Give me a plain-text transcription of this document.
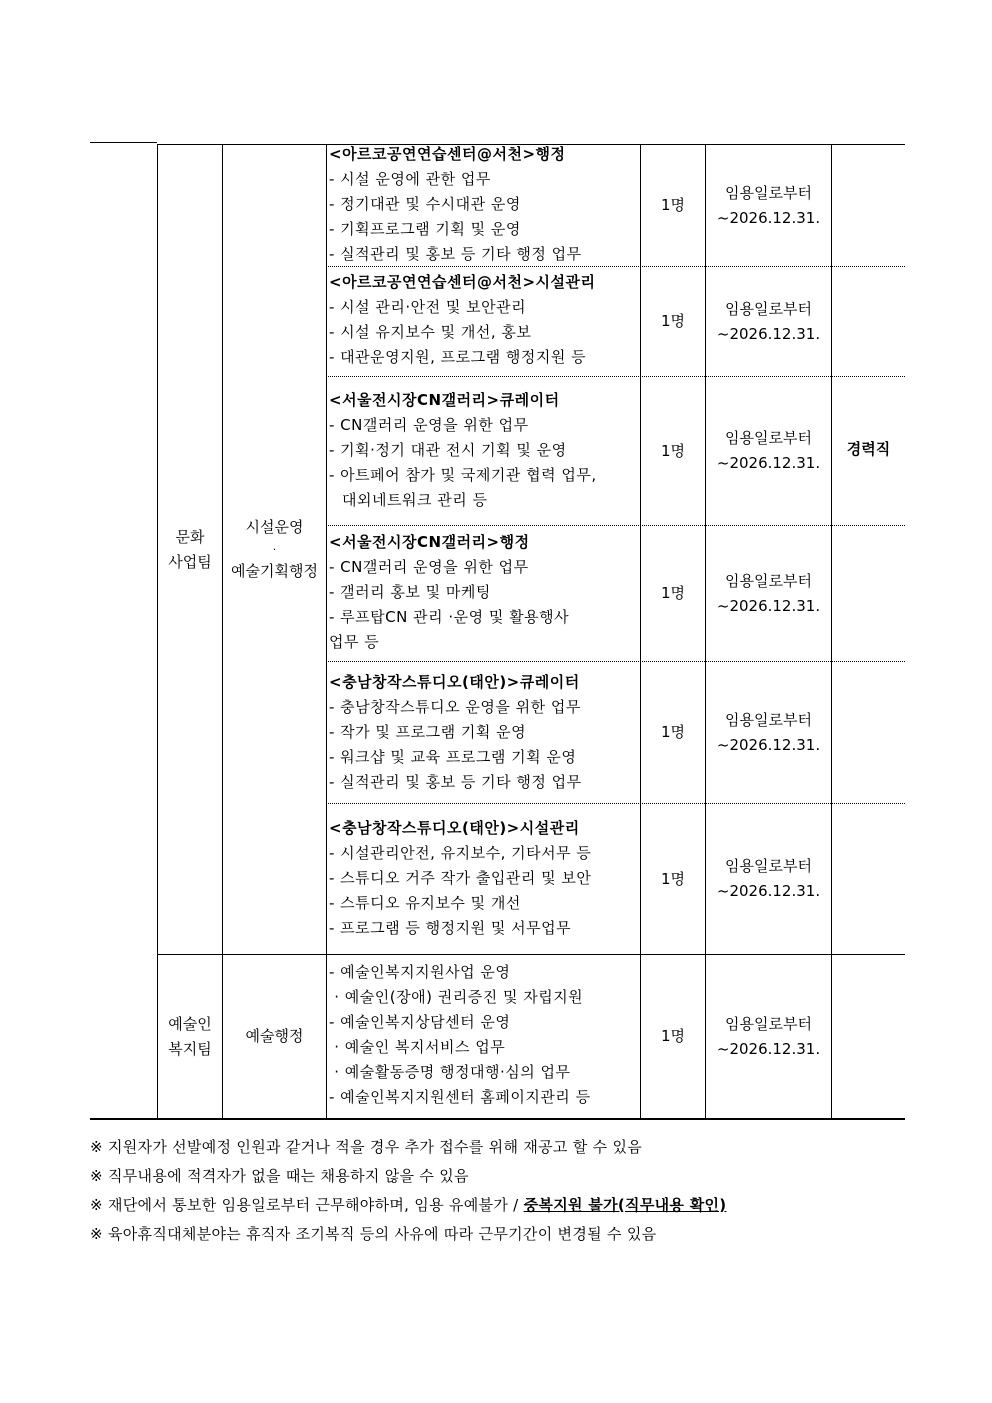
문화
사업팀
시설운영
·
예술기획행정
경력직
예술인
복지팀
예술행정
<아르코공연연습센터@서천>행정
- 시설 운영에 관한 업무
- 정기대관 및 수시대관 운영
- 기획프로그램 기획 및 운영
- 실적관리 및 홍보 등 기타 행정 업무
1명
임용일로부터
~2026.12.31.
<아르코공연연습센터@서천>시설관리
- 시설 관리·안전 및 보안관리
- 시설 유지보수 및 개선, 홍보
- 대관운영지원, 프로그램 행정지원 등
1명
임용일로부터
~2026.12.31.
<서울전시장CN갤러리>큐레이터
- CN갤러리 운영을 위한 업무
- 기획·정기 대관 전시 기획 및 운영
- 아트페어 참가 및 국제기관 협력 업무,
대외네트워크 관리 등
1명
임용일로부터
~2026.12.31.
<서울전시장CN갤러리>행정
- CN갤러리 운영을 위한 업무
- 갤러리 홍보 및 마케팅
- 루프탑CN 관리 ·운영 및 활용행사
업무 등
1명
임용일로부터
~2026.12.31.
<충남창작스튜디오(태안)>큐레이터
- 충남창작스튜디오 운영을 위한 업무
- 작가 및 프로그램 기획 운영
- 워크샵 및 교육 프로그램 기획 운영
- 실적관리 및 홍보 등 기타 행정 업무
1명
임용일로부터
~2026.12.31.
<충남창작스튜디오(태안)>시설관리
- 시설관리안전, 유지보수, 기타서무 등
- 스튜디오 거주 작가 출입관리 및 보안
- 스튜디오 유지보수 및 개선
- 프로그램 등 행정지원 및 서무업무
1명
임용일로부터
~2026.12.31.
- 예술인복지지원사업 운영
· 예술인(장애) 권리증진 및 자립지원
- 예술인복지상담센터 운영
· 예술인 복지서비스 업무
· 예술활동증명 행정대행·심의 업무
- 예술인복지지원센터 홈페이지관리 등
1명
임용일로부터
~2026.12.31.
※ 지원자가 선발예정 인원과 같거나 적을 경우 추가 접수를 위해 재공고 할 수 있음
※ 직무내용에 적격자가 없을 때는 채용하지 않을 수 있음
※ 재단에서 통보한 임용일로부터 근무해야하며, 임용 유예불가 / 중복지원 불가(직무내용 확인)
※ 육아휴직대체분야는 휴직자 조기복직 등의 사유에 따라 근무기간이 변경될 수 있음
